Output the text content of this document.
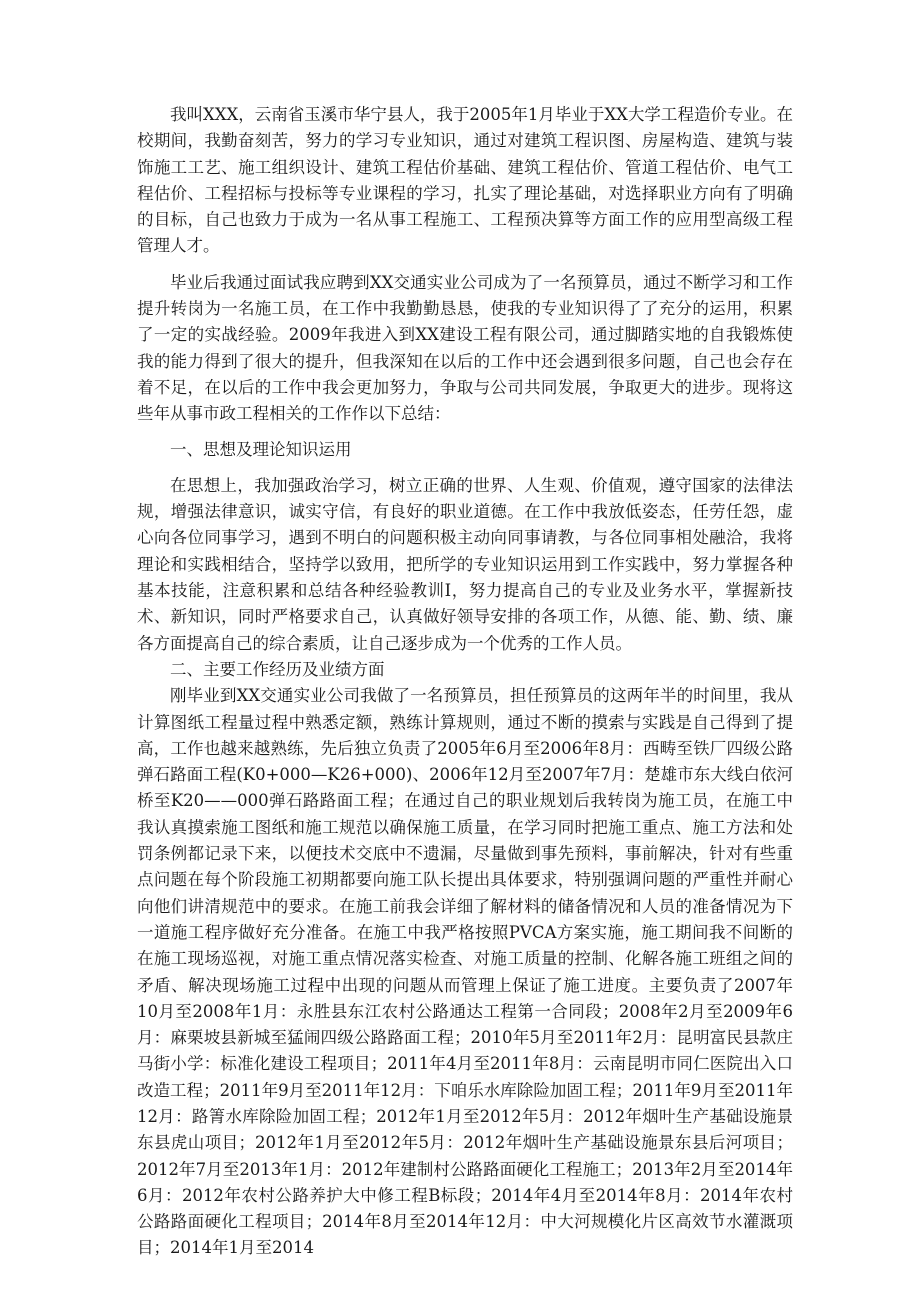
我叫XXX，云南省玉溪市华宁县人，我于2005年1月毕业于XX大学工程造价专业。在校期间，我勤奋刻苦，努力的学习专业知识，通过对建筑工程识图、房屋构造、建筑与装饰施工工艺、施工组织设计、建筑工程估价基础、建筑工程估价、管道工程估价、电气工程估价、工程招标与投标等专业课程的学习，扎实了理论基础，对选择职业方向有了明确的目标，自己也致力于成为一名从事工程施工、工程预决算等方面工作的应用型高级工程管理人才。

毕业后我通过面试我应聘到XX交通实业公司成为了一名预算员，通过不断学习和工作提升转岗为一名施工员，在工作中我勤勤恳恳，使我的专业知识得了了充分的运用，积累了一定的实战经验。2009年我进入到XX建设工程有限公司，通过脚踏实地的自我锻炼使我的能力得到了很大的提升，但我深知在以后的工作中还会遇到很多问题，自己也会存在着不足，在以后的工作中我会更加努力，争取与公司共同发展，争取更大的进步。现将这些年从事市政工程相关的工作作以下总结：

一、思想及理论知识运用

在思想上，我加强政治学习，树立正确的世界、人生观、价值观，遵守国家的法律法规，增强法律意识，诚实守信，有良好的职业道德。在工作中我放低姿态，任劳任怨，虚心向各位同事学习，遇到不明白的问题积极主动向同事请教，与各位同事相处融洽，我将理论和实践相结合，坚持学以致用，把所学的专业知识运用到工作实践中，努力掌握各种基本技能，注意积累和总结各种经验教训I，努力提高自己的专业及业务水平，掌握新技术、新知识，同时严格要求自己，认真做好领导安排的各项工作，从德、能、勤、绩、廉各方面提高自己的综合素质，让自己逐步成为一个优秀的工作人员。

二、主要工作经历及业绩方面

刚毕业到XX交通实业公司我做了一名预算员，担任预算员的这两年半的时间里，我从计算图纸工程量过程中熟悉定额，熟练计算规则，通过不断的摸索与实践是自己得到了提高，工作也越来越熟练，先后独立负责了2005年6月至2006年8月：西畴至铁厂四级公路弹石路面工程(K0+000—K26+000)、2006年12月至2007年7月：楚雄市东大线白依河桥至K20——000弹石路路面工程；在通过自己的职业规划后我转岗为施工员，在施工中我认真摸索施工图纸和施工规范以确保施工质量，在学习同时把施工重点、施工方法和处罚条例都记录下来，以便技术交底中不遗漏，尽量做到事先预料，事前解决，针对有些重点问题在每个阶段施工初期都要向施工队长提出具体要求，特别强调问题的严重性并耐心向他们讲清规范中的要求。在施工前我会详细了解材料的储备情况和人员的准备情况为下一道施工程序做好充分准备。在施工中我严格按照PVCA方案实施，施工期间我不间断的在施工现场巡视，对施工重点情况落实检查、对施工质量的控制、化解各施工班组之间的矛盾、解决现场施工过程中出现的问题从而管理上保证了施工进度。主要负责了2007年10月至2008年1月：永胜县东江农村公路通达工程第一合同段；2008年2月至2009年6月：麻栗坡县新城至猛闹四级公路路面工程；2010年5月至2011年2月：昆明富民县款庄马街小学：标准化建设工程项目；2011年4月至2011年8月：云南昆明市同仁医院出入口改造工程；2011年9月至2011年12月：下咱乐水库除险加固工程；2011年9月至2011年12月：路箐水库除险加固工程；2012年1月至2012年5月：2012年烟叶生产基础设施景东县虎山项目；2012年1月至2012年5月：2012年烟叶生产基础设施景东县后河项目；2012年7月至2013年1月：2012年建制村公路路面硬化工程施工；2013年2月至2014年6月：2012年农村公路养护大中修工程B标段；2014年4月至2014年8月：2014年农村公路路面硬化工程项目；2014年8月至2014年12月：中大河规模化片区高效节水灌溉项目；2014年1月至2014
